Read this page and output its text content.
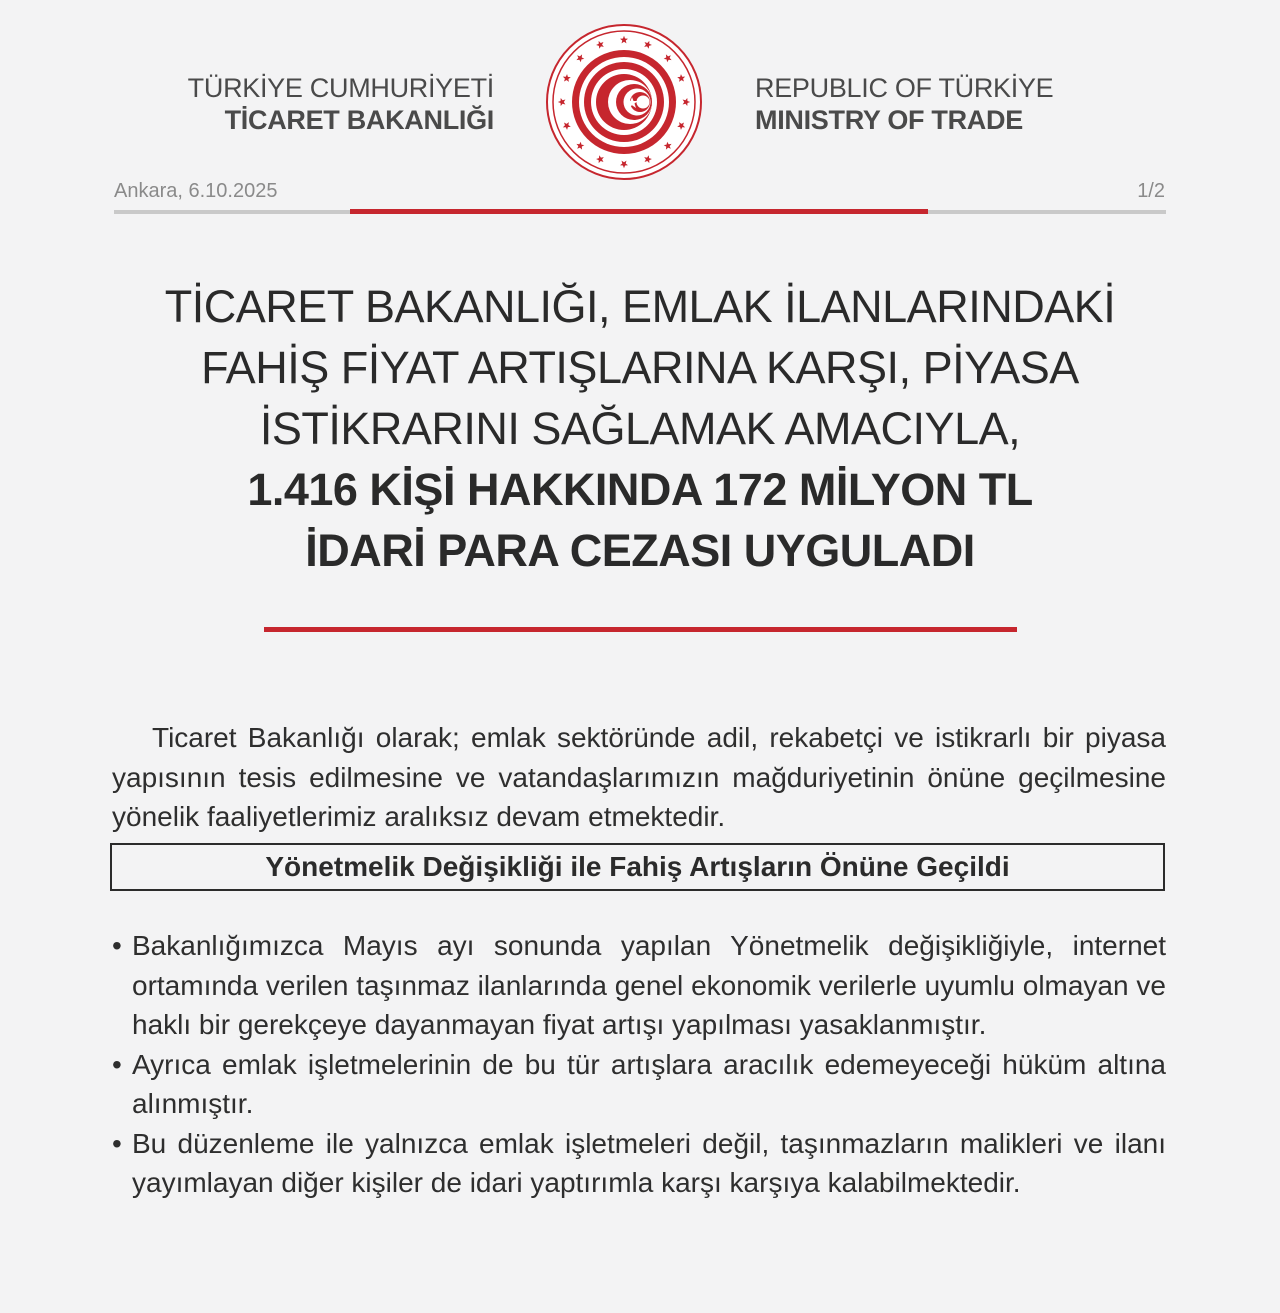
TÜRKİYE CUMHURİYETİ
TİCARET BAKANLIĞI
REPUBLIC OF TÜRKİYE
MINISTRY OF TRADE
Ankara, 6.10.2025	1/2
TİCARET BAKANLIĞI, EMLAK İLANLARINDAKİ
FAHİŞ FİYAT ARTIŞLARINA KARŞI, PİYASA
İSTİKRARINI SAĞLAMAK AMACIYLA,
1.416 KİŞİ HAKKINDA 172 MİLYON TL
İDARİ PARA CEZASI UYGULADI

Ticaret Bakanlığı olarak; emlak sektöründe adil, rekabetçi ve istikrarlı bir piyasa yapısının tesis edilmesine ve vatandaşlarımızın mağduriyetinin önüne geçilmesine yönelik faaliyetlerimiz aralıksız devam etmektedir.

Yönetmelik Değişikliği ile Fahiş Artışların Önüne Geçildi
• Bakanlığımızca Mayıs ayı sonunda yapılan Yönetmelik değişikliğiyle, internet ortamında verilen taşınmaz ilanlarında genel ekonomik verilerle uyumlu olmayan ve haklı bir gerekçeye dayanmayan fiyat artışı yapılması yasaklanmıştır.
• Ayrıca emlak işletmelerinin de bu tür artışlara aracılık edemeyeceği hüküm altına alınmıştır.
• Bu düzenleme ile yalnızca emlak işletmeleri değil, taşınmazların malikleri ve ilanı yayımlayan diğer kişiler de idari yaptırımla karşı karşıya kalabilmektedir.
